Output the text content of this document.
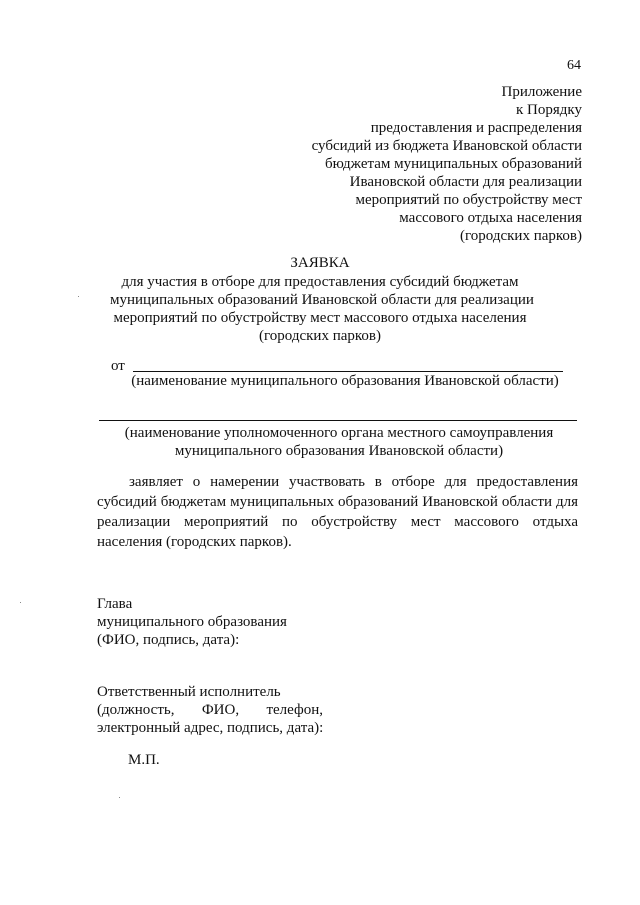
64
Приложение
к Порядку
предоставления и распределения
субсидий из бюджета Ивановской области
бюджетам муниципальных образований
Ивановской области для реализации
мероприятий по обустройству мест
массового отдыха населения
(городских парков)
ЗАЯВКА
для участия в отборе для предоставления субсидий бюджетам
муниципальных образований Ивановской области для реализации
мероприятий по обустройству мест массового отдыха населения
(городских парков)
от
(наименование муниципального образования Ивановской области)
(наименование уполномоченного органа местного самоуправления
муниципального образования Ивановской области)
заявляет о намерении участвовать в отборе для предоставления
субсидий бюджетам муниципальных образований Ивановской области для
реализации мероприятий по обустройству мест массового отдыха
населения (городских парков).
Глава
муниципального образования
(ФИО, подпись, дата):
Ответственный исполнитель
(должность, ФИО, телефон,
электронный адрес, подпись, дата):
М.П.
